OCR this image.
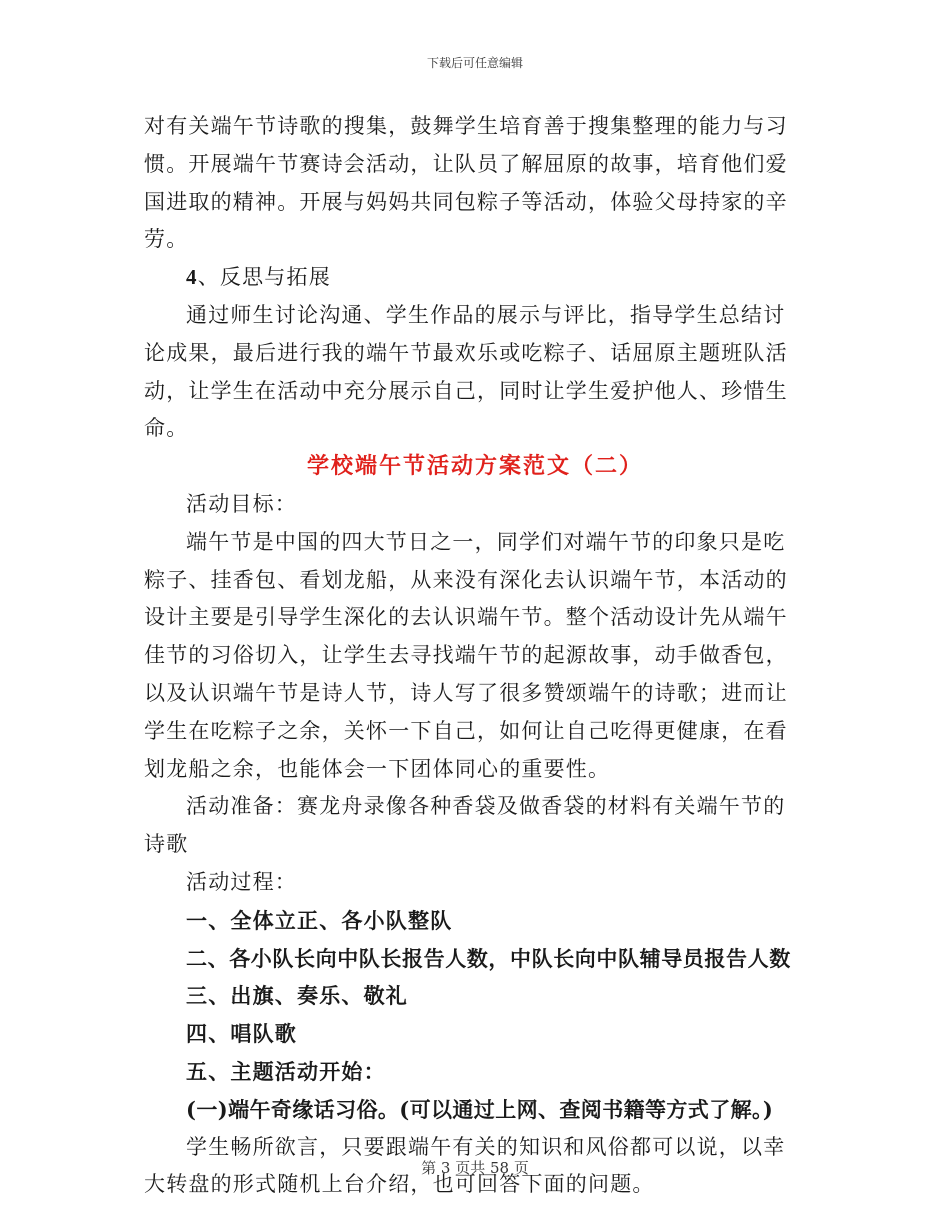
下载后可任意编辑

对有关端午节诗歌的搜集，鼓舞学生培育善于搜集整理的能力与习惯。开展端午节赛诗会活动，让队员了解屈原的故事，培育他们爱国进取的精神。开展与妈妈共同包粽子等活动，体验父母持家的辛劳。

4、反思与拓展

通过师生讨论沟通、学生作品的展示与评比，指导学生总结讨论成果，最后进行我的端午节最欢乐或吃粽子、话屈原主题班队活动，让学生在活动中充分展示自己，同时让学生爱护他人、珍惜生命。

学校端午节活动方案范文（二）

活动目标：

端午节是中国的四大节日之一，同学们对端午节的印象只是吃粽子、挂香包、看划龙船，从来没有深化去认识端午节，本活动的设计主要是引导学生深化的去认识端午节。整个活动设计先从端午佳节的习俗切入，让学生去寻找端午节的起源故事，动手做香包，以及认识端午节是诗人节，诗人写了很多赞颂端午的诗歌；进而让学生在吃粽子之余，关怀一下自己，如何让自己吃得更健康，在看划龙船之余，也能体会一下团体同心的重要性。

活动准备：赛龙舟录像各种香袋及做香袋的材料有关端午节的诗歌

活动过程：

一、全体立正、各小队整队

二、各小队长向中队长报告人数，中队长向中队辅导员报告人数

三、出旗、奏乐、敬礼

四、唱队歌

五、主题活动开始：

(一)端午奇缘话习俗。(可以通过上网、查阅书籍等方式了解。)

学生畅所欲言，只要跟端午有关的知识和风俗都可以说，以幸大转盘的形式随机上台介绍，也可回答下面的问题。

第 3 页共 58 页
